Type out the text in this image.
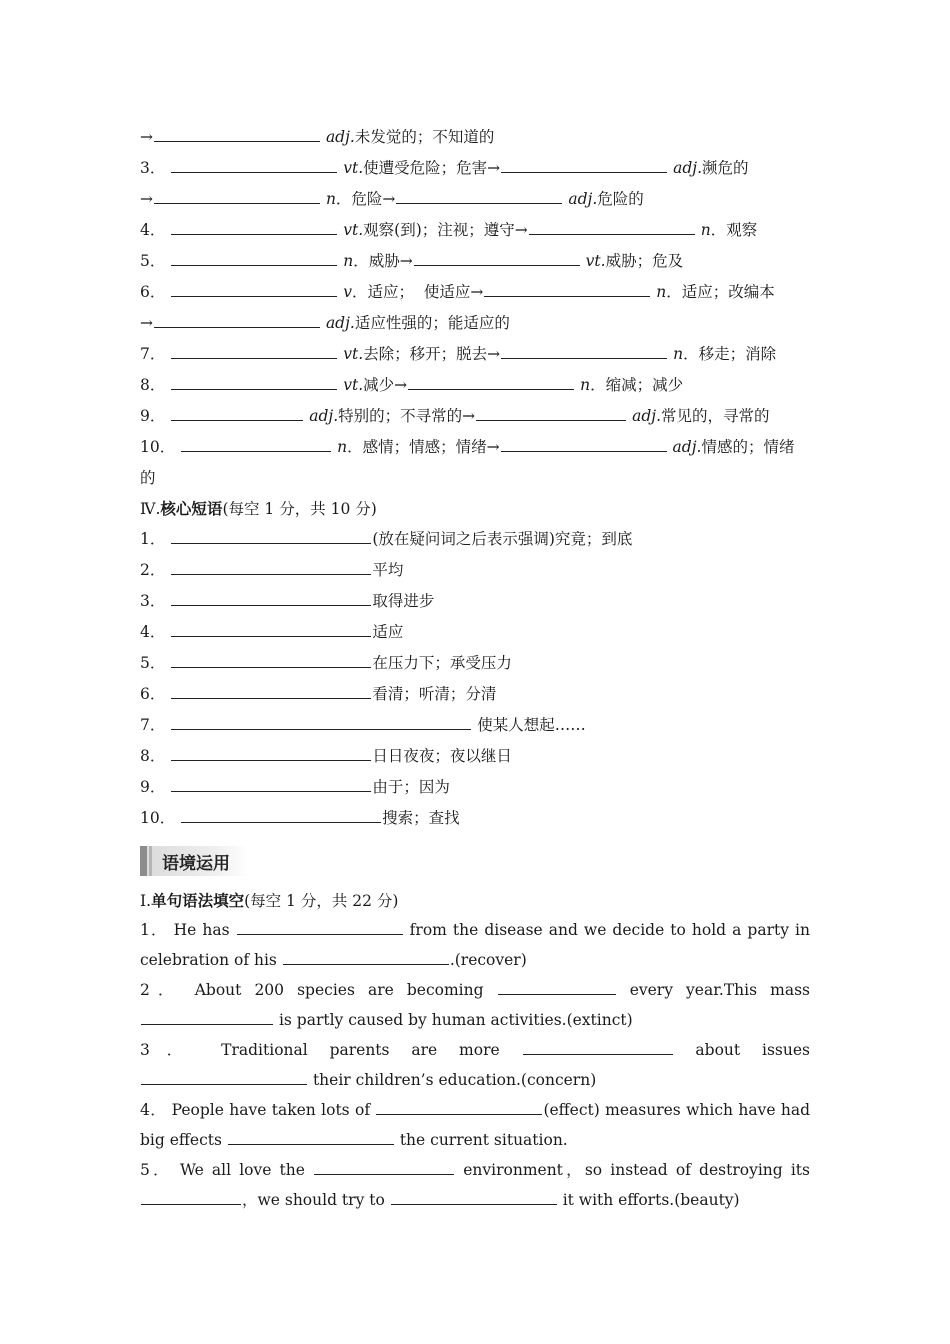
→	adj.未发觉的；不知道的
3．	vt.使遭受危险；危害→	adj.濒危的
→	n．危险→	adj.危险的
4．	vt.观察(到)；注视；遵守→	n．观察
5．	n．威胁→	vt.威胁；危及
6．	v．适应；  使适应→	n．适应；改编本
→	adj.适应性强的；能适应的
7．	vt.去除；移开；脱去→	n．移走；消除
8．	vt.减少→	n．缩减；减少
9．	adj.特别的；不寻常的→	adj.常见的，寻常的
10．	n．感情；情感；情绪→	adj.情感的；情绪
的
Ⅳ.核心短语(每空 1 分，共 10 分)
1．	(放在疑问词之后表示强调)究竟；到底
2．	平均
3．	取得进步
4．	适应
5．	在压力下；承受压力
6．	看清；听清；分清
7．	使某人想起……
8．	日日夜夜；夜以继日
9．	由于；因为
10．	搜索；查找
语境运用
Ⅰ.单句语法填空(每空 1 分，共 22 分)
1． He has	from the disease and we decide to hold a party in celebration of his	.(recover)
2． About 200 species are becoming	every year.This mass  is partly caused by human activities.(extinct)
3． Traditional parents are more	about issues  their children’s education.(concern)
4． People have taken lots of	(effect) measures which have had big effects	the current situation.
5． We all love the	environment，so instead of destroying its ，we should try to	it with efforts.(beauty)
